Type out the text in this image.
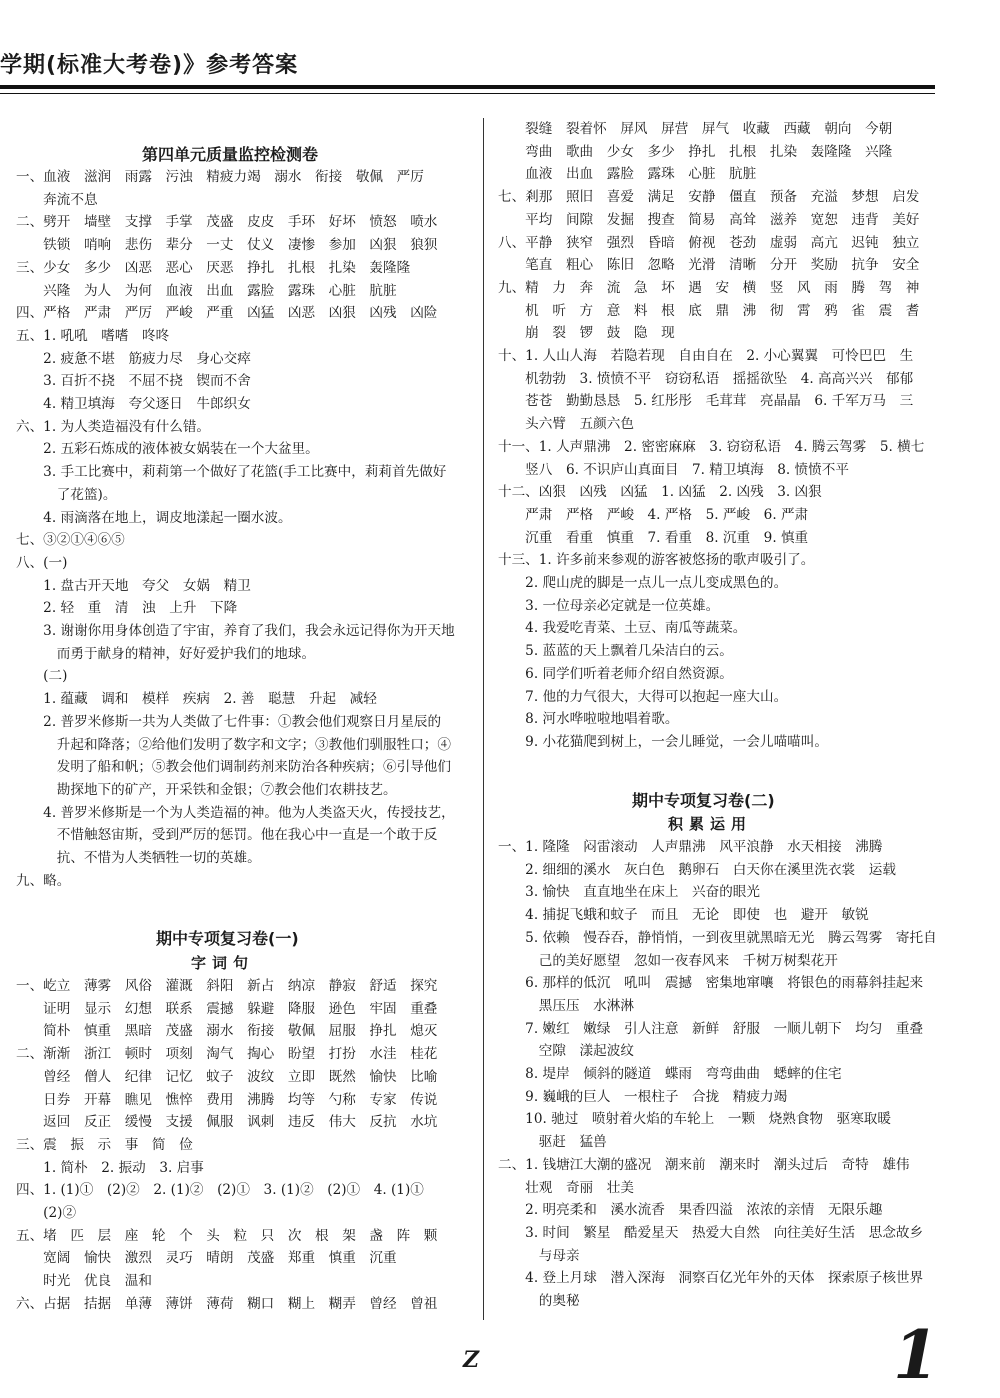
学期(标准大考卷)》参考答案
第四单元质量监控检测卷
一、血液　滋润　雨露　污浊　精疲力竭　溺水　衔接　敬佩　严厉
　　奔流不息
二、劈开　墙壁　支撑　手掌　茂盛　皮皮　手环　好坏　愤怒　喷水
　　铁锁　哨响　悲伤　辈分　一丈　仗义　凄惨　参加　凶狠　狼狈
三、少女　多少　凶恶　恶心　厌恶　挣扎　扎根　扎染　轰隆隆
　　兴隆　为人　为何　血液　出血　露脸　露珠　心脏　肮脏
四、严格　严肃　严厉　严峻　严重　凶猛　凶恶　凶狠　凶残　凶险
五、1. 吼吼　嗜嗜　咚咚
　　2. 疲惫不堪　筋疲力尽　身心交瘁
　　3. 百折不挠　不屈不挠　锲而不舍
　　4. 精卫填海　夸父逐日　牛郎织女
六、1. 为人类造福没有什么错。
　　2. 五彩石炼成的液体被女娲装在一个大盆里。
　　3. 手工比赛中，莉莉第一个做好了花篮(手工比赛中，莉莉首先做好
　　　了花篮)。
　　4. 雨滴落在地上，调皮地漾起一圈水波。
七、③②①④⑥⑤
八、(一)
　　1. 盘古开天地　夸父　女娲　精卫
　　2. 轻　重　清　浊　上升　下降
　　3. 谢谢你用身体创造了宇宙，养育了我们，我会永远记得你为开天地
　　　而勇于献身的精神，好好爱护我们的地球。
　　(二)
　　1. 蕴藏　调和　模样　疾病　2. 善　聪慧　升起　减轻
　　2. 普罗米修斯一共为人类做了七件事：①教会他们观察日月星辰的
　　　升起和降落；②给他们发明了数字和文字；③教他们驯服牲口；④
　　　发明了船和帆；⑤教会他们调制药剂来防治各种疾病；⑥引导他们
　　　勘探地下的矿产，开采铁和金银；⑦教会他们农耕技艺。
　　4. 普罗米修斯是一个为人类造福的神。他为人类盗天火，传授技艺，
　　　不惜触怒宙斯，受到严厉的惩罚。他在我心中一直是一个敢于反
　　　抗、不惜为人类牺牲一切的英雄。
九、略。
期中专项复习卷(一)
字词句
一、屹立　薄雾　风俗　灌溉　斜阳　新占　纳凉　静寂　舒适　探究
　　证明　显示　幻想　联系　震撼　躲避　降服　逊色　牢固　重叠
　　简朴　慎重　黑暗　茂盛　溺水　衔接　敬佩　屈服　挣扎　熄灭
二、渐渐　浙江　顿时　项刻　淘气　掏心　盼望　打扮　水洼　桂花
　　曾经　僧人　纪律　记忆　蚊子　波纹　立即　既然　愉快　比喻
　　日券　开幕　瞧见　憔悴　费用　沸腾　均等　勺称　专家　传说
　　返回　反正　缓慢　支援　佩服　讽刺　违反　伟大　反抗　水坑
三、震　振　示　事　简　俭
　　1. 简朴　2. 振动　3. 启事
四、1. (1)①　(2)②　2. (1)②　(2)①　3. (1)②　(2)①　4. (1)①
　　(2)②
五、堵　匹　层　座　轮　个　头　粒　只　次　根　架　盏　阵　颗
　　宽阔　愉快　激烈　灵巧　晴朗　茂盛　郑重　慎重　沉重
　　时光　优良　温和
六、占据　拮据　单薄　薄饼　薄荷　糊口　糊上　糊弄　曾经　曾祖
　　裂缝　裂着怀　屏风　屏营　屏气　收藏　西藏　朝向　今朝
　　弯曲　歌曲　少女　多少　挣扎　扎根　扎染　轰隆隆　兴隆
　　血液　出血　露脸　露珠　心脏　肮脏
七、剎那　照旧　喜爱　满足　安静　僵直　预备　充溢　梦想　启发
　　平均　间隙　发掘　搜查　简易　高耸　滋养　宽恕　违背　美好
八、平静　狭窄　强烈　昏暗　俯视　苍劲　虚弱　高亢　迟钝　独立
　　笔直　粗心　陈旧　忽略　光滑　清晰　分开　奖励　抗争　安全
九、精　力　奔　流　急　坏　遇　安　横　竖　风　雨　腾　驾　神
　　机　听　方　意　料　根　底　鼎　沸　彻　霄　鸦　雀　震　耆
　　崩　裂　锣　鼓　隐　现
十、1. 人山人海　若隐若现　自由自在　2. 小心翼翼　可怜巴巴　生
　　机勃勃　3. 愤愤不平　窃窃私语　摇摇欲坠　4. 高高兴兴　郁郁
　　苍苍　勤勤恳恳　5. 红彤彤　毛茸茸　亮晶晶　6. 千军万马　三
　　头六臂　五颜六色
十一、1. 人声鼎沸　2. 密密麻麻　3. 窃窃私语　4. 腾云驾雾　5. 横七
　　竖八　6. 不识庐山真面目　7. 精卫填海　8. 愤愤不平
十二、凶狠　凶残　凶猛　1. 凶猛　2. 凶残　3. 凶狠
　　严肃　严格　严峻　4. 严格　5. 严峻　6. 严肃
　　沉重　看重　慎重　7. 看重　8. 沉重　9. 慎重
十三、1. 许多前来参观的游客被悠扬的歌声吸引了。
　　2. 爬山虎的脚是一点儿一点儿变成黑色的。
　　3. 一位母亲必定就是一位英雄。
　　4. 我爱吃青菜、土豆、南瓜等蔬菜。
　　5. 蓝蓝的天上飘着几朵洁白的云。
　　6. 同学们听着老师介绍自然资源。
　　7. 他的力气很大，大得可以抱起一座大山。
　　8. 河水哗啦啦地唱着歌。
　　9. 小花猫爬到树上，一会儿睡觉，一会儿喵喵叫。
期中专项复习卷(二)
积累运用
一、1. 隆隆　闷雷滚动　人声鼎沸　风平浪静　水天相接　沸腾
　　2. 细细的溪水　灰白色　鹅卵石　白天你在溪里洗衣裳　运载
　　3. 愉快　直直地坐在床上　兴奋的眼光
　　4. 捕捉飞蛾和蚊子　而且　无论　即使　也　避开　敏锐
　　5. 依赖　慢吞吞，静悄悄，一到夜里就黑暗无光　腾云驾雾　寄托自
　　　己的美好愿望　忽如一夜春风来　千树万树梨花开
　　6. 那样的低沉　吼叫　震撼　密集地窜嚷　将银色的雨幕斜挂起来
　　　黑压压　水淋淋
　　7. 嫩红　嫩绿　引人注意　新鲜　舒服　一顺儿朝下　均匀　重叠
　　　空隙　漾起波纹
　　8. 堤岸　倾斜的隧道　蝶雨　弯弯曲曲　蟋蟀的住宅
　　9. 巍峨的巨人　一根柱子　合拢　精疲力竭
　　10. 驰过　喷射着火焰的车轮上　一颗　烧熟食物　驱寒取暖
　　　驱赶　猛兽
二、1. 钱塘江大潮的盛况　潮来前　潮来时　潮头过后　奇特　雄伟
　　壮观　奇丽　壮美
　　2. 明亮柔和　溪水流香　果香四溢　浓浓的亲情　无限乐趣
　　3. 时间　繁星　酷爱星天　热爱大自然　向往美好生活　思念故乡
　　　与母亲
　　4. 登上月球　潜入深海　洞察百亿光年外的天体　探索原子核世界
　　　的奥秘
Z	1
